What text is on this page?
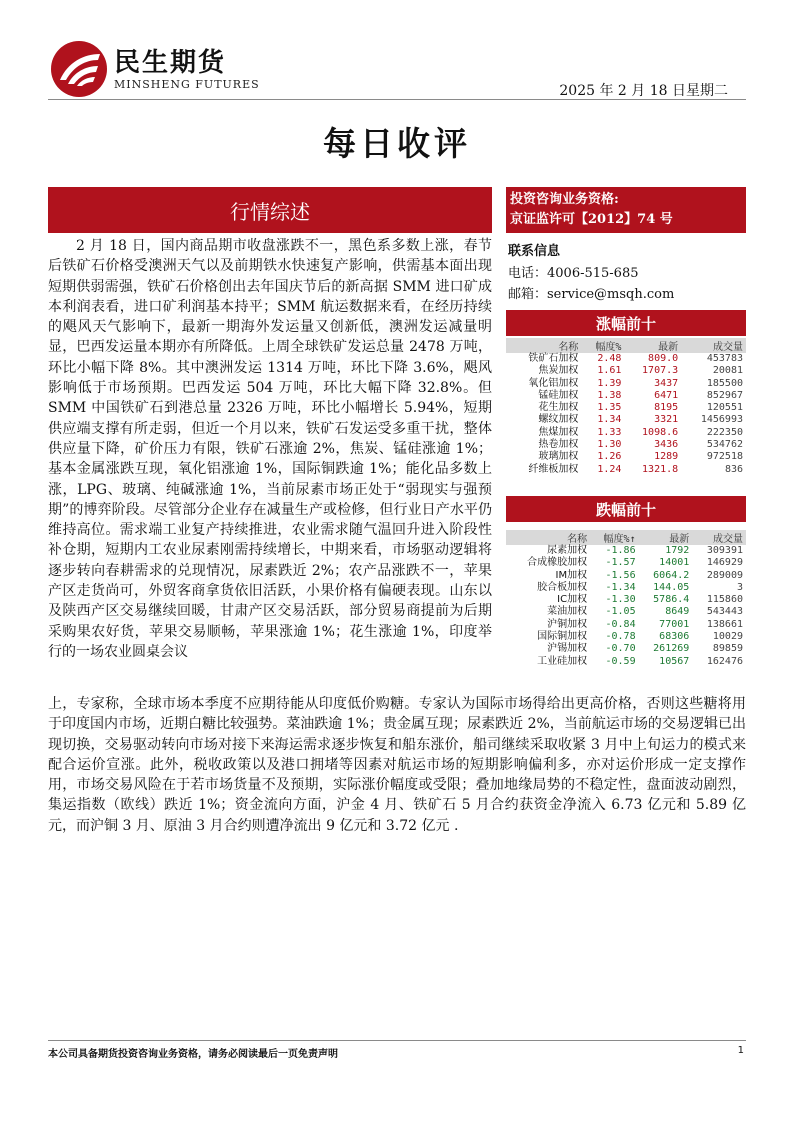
民生期货
MINSHENG FUTURES	2025 年 2 月 18 日星期二
每日收评
行情综述	投资咨询业务资格:
京证监许可【2012】74 号
联系信息
电话：4006-515-685
邮箱：service@msqh.com
涨幅前十
名称	幅度%	最新	成交量
铁矿石加权	2.48	809.0	453783
焦炭加权	1.61	1707.3	20081
氧化铝加权	1.39	3437	185500
锰硅加权	1.38	6471	852967
花生加权	1.35	8195	120551
螺纹加权	1.34	3321	1456993
焦煤加权	1.33	1098.6	222350
热卷加权	1.30	3436	534762
玻璃加权	1.26	1289	972518
纤维板加权	1.24	1321.8	836
跌幅前十
名称	幅度%↑	最新	成交量
尿素加权	-1.86	1792	309391
合成橡胶加权	-1.57	14001	146929
IM加权	-1.56	6064.2	289009
胶合板加权	-1.34	144.05	3
IC加权	-1.30	5786.4	115860
菜油加权	-1.05	8649	543443
沪铜加权	-0.84	77001	138661
国际铜加权	-0.78	68306	10029
沪锡加权	-0.70	261269	89859
工业硅加权	-0.59	10567	162476
2 月 18 日，国内商品期市收盘涨跌不一，黑色系多数上涨，春节后铁矿石价格受澳洲天气以及前期铁水快速复产影响，供需基本面出现短期供弱需强，铁矿石价格创出去年国庆节后的新高据 SMM 进口矿成本利润表看，进口矿利润基本持平；SMM 航运数据来看，在经历持续的飓风天气影响下，最新一期海外发运量又创新低，澳洲发运减量明显，巴西发运量本期亦有所降低。上周全球铁矿发运总量 2478 万吨，环比小幅下降 8%。其中澳洲发运 1314 万吨，环比下降 3.6%，飓风影响低于市场预期。巴西发运 504 万吨，环比大幅下降 32.8%。但 SMM 中国铁矿石到港总量 2326 万吨，环比小幅增长 5.94%，短期供应端支撑有所走弱，但近一个月以来，铁矿石发运受多重干扰，整体供应量下降，矿价压力有限，铁矿石涨逾 2%，焦炭、锰硅涨逾 1%；基本金属涨跌互现，氧化铝涨逾 1%，国际铜跌逾 1%；能化品多数上涨，LPG、玻璃、纯碱涨逾 1%，当前尿素市场正处于“弱现实与强预期”的博弈阶段。尽管部分企业存在减量生产或检修，但行业日产水平仍维持高位。需求端工业复产持续推进，农业需求随气温回升进入阶段性补仓期，短期内工农业尿素刚需持续增长，中期来看，市场驱动逻辑将逐步转向春耕需求的兑现情况，尿素跌近 2%；农产品涨跌不一，苹果产区走货尚可，外贸客商拿货依旧活跃，小果价格有偏硬表现。山东以及陕西产区交易继续回暖，甘肃产区交易活跃，部分贸易商提前为后期采购果农好货，苹果交易顺畅，苹果涨逾 1%；花生涨逾 1%，印度举行的一场农业圆桌会议
上，专家称，全球市场本季度不应期待能从印度低价购糖。专家认为国际市场得给出更高价格，否则这些糖将用于印度国内市场，近期白糖比较强势。菜油跌逾 1%；贵金属互现；尿素跌近 2%，当前航运市场的交易逻辑已出现切换，交易驱动转向市场对接下来海运需求逐步恢复和船东涨价，船司继续采取收紧 3 月中上旬运力的模式来配合运价宣涨。此外，税收政策以及港口拥堵等因素对航运市场的短期影响偏利多，亦对运价形成一定支撑作用，市场交易风险在于若市场货量不及预期，实际涨价幅度或受限；叠加地缘局势的不稳定性，盘面波动剧烈，集运指数（欧线）跌近 1%；资金流向方面，沪金 4 月、铁矿石 5 月合约获资金净流入 6.73 亿元和 5.89 亿元，而沪铜 3 月、原油 3 月合约则遭净流出 9 亿元和 3.72 亿元 .
本公司具备期货投资咨询业务资格，请务必阅读最后一页免责声明	1
